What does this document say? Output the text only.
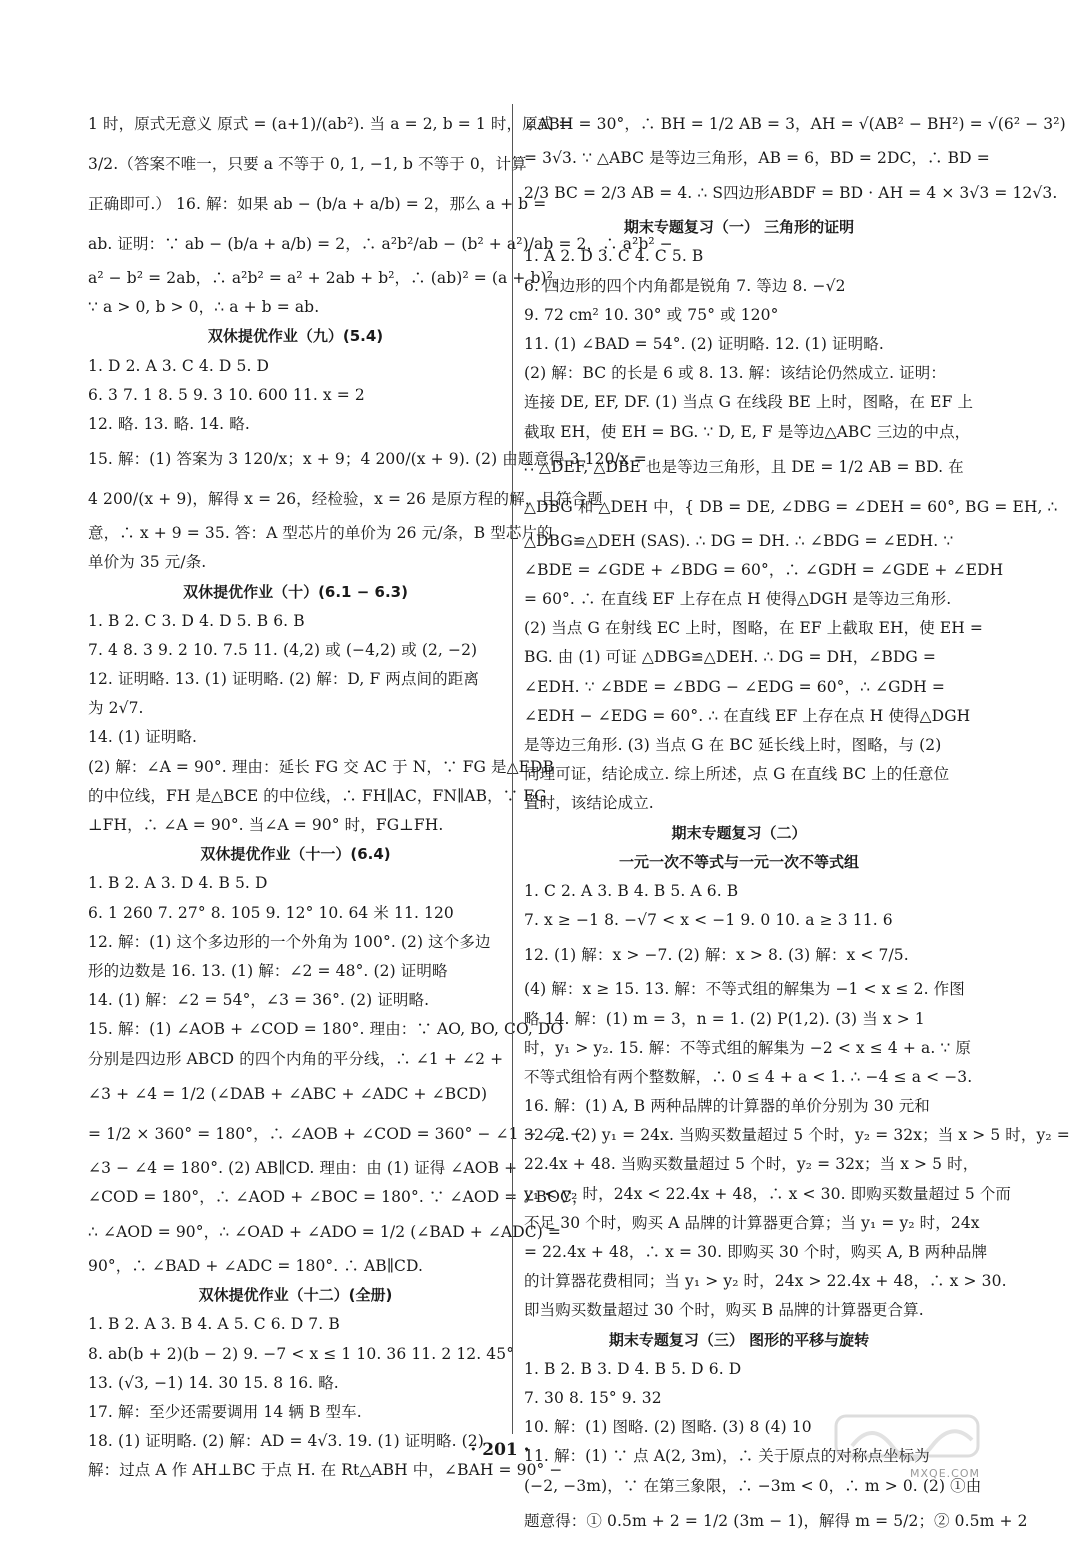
1 时，原式无意义 原式 = (a+1)/(ab²). 当 a = 2, b = 1 时，原式 =
3/2.（答案不唯一，只要 a 不等于 0, 1, −1, b 不等于 0，计算
正确即可.） 16. 解：如果 ab − (b/a + a/b) = 2，那么 a + b =
ab. 证明：∵ ab − (b/a + a/b) = 2，∴ a²b²/ab − (b² + a²)/ab = 2，∴ a²b² −
a² − b² = 2ab，∴ a²b² = a² + 2ab + b²，∴ (ab)² = (a + b)²，
∵ a > 0, b > 0，∴ a + b = ab.
双休提优作业（九）(5.4)
1. D 2. A 3. C 4. D 5. D
6. 3 7. 1 8. 5 9. 3 10. 600 11. x = 2
12. 略. 13. 略. 14. 略.
15. 解：(1) 答案为 3 120/x；x + 9；4 200/(x + 9). (2) 由题意得 3 120/x =
4 200/(x + 9)，解得 x = 26，经检验，x = 26 是原方程的解，且符合题
意，∴ x + 9 = 35. 答：A 型芯片的单价为 26 元/条，B 型芯片的
单价为 35 元/条.
双休提优作业（十）(6.1 − 6.3)
1. B 2. C 3. D 4. D 5. B 6. B
7. 4 8. 3 9. 2 10. 7.5 11. (4,2) 或 (−4,2) 或 (2, −2)
12. 证明略. 13. (1) 证明略. (2) 解：D, F 两点间的距离
为 2√7.
14. (1) 证明略.
(2) 解：∠A = 90°. 理由：延长 FG 交 AC 于 N，∵ FG 是△EDB
的中位线，FH 是△BCE 的中位线，∴ FH∥AC，FN∥AB，∵ FG
⊥FH，∴ ∠A = 90°. 当∠A = 90° 时，FG⊥FH.
双休提优作业（十一）(6.4)
1. B 2. A 3. D 4. B 5. D
6. 1 260 7. 27° 8. 105 9. 12° 10. 64 米 11. 120
12. 解：(1) 这个多边形的一个外角为 100°. (2) 这个多边
形的边数是 16. 13. (1) 解：∠2 = 48°. (2) 证明略
14. (1) 解：∠2 = 54°，∠3 = 36°. (2) 证明略.
15. 解：(1) ∠AOB + ∠COD = 180°. 理由：∵ AO, BO, CO, DO
分别是四边形 ABCD 的四个内角的平分线，∴ ∠1 + ∠2 +
∠3 + ∠4 = 1/2 (∠DAB + ∠ABC + ∠ADC + ∠BCD)
= 1/2 × 360° = 180°，∴ ∠AOB + ∠COD = 360° − ∠1 − ∠2 −
∠3 − ∠4 = 180°. (2) AB∥CD. 理由：由 (1) 证得 ∠AOB +
∠COD = 180°，∴ ∠AOD + ∠BOC = 180°. ∵ ∠AOD = ∠BOC，
∴ ∠AOD = 90°，∴ ∠OAD + ∠ADO = 1/2 (∠BAD + ∠ADC) =
90°，∴ ∠BAD + ∠ADC = 180°. ∴ AB∥CD.
双休提优作业（十二）(全册)
1. B 2. A 3. B 4. A 5. C 6. D 7. B
8. ab(b + 2)(b − 2) 9. −7 < x ≤ 1 10. 36 11. 2 12. 45°
13. (√3, −1) 14. 30 15. 8 16. 略.
17. 解：至少还需要调用 14 辆 B 型车.
18. (1) 证明略. (2) 解：AD = 4√3. 19. (1) 证明略. (2)
解：过点 A 作 AH⊥BC 于点 H. 在 Rt△ABH 中，∠BAH = 90° −
∠ABH = 30°，∴ BH = 1/2 AB = 3，AH = √(AB² − BH²) = √(6² − 3²)
= 3√3. ∵ △ABC 是等边三角形，AB = 6，BD = 2DC，∴ BD =
2/3 BC = 2/3 AB = 4. ∴ S四边形ABDF = BD · AH = 4 × 3√3 = 12√3.
期末专题复习（一） 三角形的证明
1. A 2. D 3. C 4. C 5. B
6. 四边形的四个内角都是锐角 7. 等边 8. −√2
9. 72 cm² 10. 30° 或 75° 或 120°
11. (1) ∠BAD = 54°. (2) 证明略. 12. (1) 证明略.
(2) 解：BC 的长是 6 或 8. 13. 解：该结论仍然成立. 证明：
连接 DE, EF, DF. (1) 当点 G 在线段 BE 上时，图略，在 EF 上
截取 EH，使 EH = BG. ∵ D, E, F 是等边△ABC 三边的中点，
∴ △DEF, △DBE 也是等边三角形，且 DE = 1/2 AB = BD. 在
△DBG 和 △DEH 中，{ DB = DE, ∠DBG = ∠DEH = 60°, BG = EH, ∴
△DBG≌△DEH (SAS). ∴ DG = DH. ∴ ∠BDG = ∠EDH. ∵
∠BDE = ∠GDE + ∠BDG = 60°，∴ ∠GDH = ∠GDE + ∠EDH
= 60°. ∴ 在直线 EF 上存在点 H 使得△DGH 是等边三角形.
(2) 当点 G 在射线 EC 上时，图略，在 EF 上截取 EH，使 EH =
BG. 由 (1) 可证 △DBG≌△DEH. ∴ DG = DH，∠BDG =
∠EDH. ∵ ∠BDE = ∠BDG − ∠EDG = 60°，∴ ∠GDH =
∠EDH − ∠EDG = 60°. ∴ 在直线 EF 上存在点 H 使得△DGH
是等边三角形. (3) 当点 G 在 BC 延长线上时，图略，与 (2)
同理可证，结论成立. 综上所述，点 G 在直线 BC 上的任意位
置时，该结论成立.
期末专题复习（二）
一元一次不等式与一元一次不等式组
1. C 2. A 3. B 4. B 5. A 6. B
7. x ≥ −1 8. −√7 < x < −1 9. 0 10. a ≥ 3 11. 6
12. (1) 解：x > −7. (2) 解：x > 8. (3) 解：x < 7/5.
(4) 解：x ≥ 15. 13. 解：不等式组的解集为 −1 < x ≤ 2. 作图
略 14. 解：(1) m = 3，n = 1. (2) P(1,2). (3) 当 x > 1
时，y₁ > y₂. 15. 解：不等式组的解集为 −2 < x ≤ 4 + a. ∵ 原
不等式组恰有两个整数解，∴ 0 ≤ 4 + a < 1. ∴ −4 ≤ a < −3.
16. 解：(1) A, B 两种品牌的计算器的单价分别为 30 元和
32 元. (2) y₁ = 24x. 当购买数量超过 5 个时，y₂ = 32x；当 x > 5 时，y₂ =
22.4x + 48. 当购买数量超过 5 个时，y₂ = 32x；当 x > 5 时，
y₁ < y₂ 时，24x < 22.4x + 48，∴ x < 30. 即购买数量超过 5 个而
不足 30 个时，购买 A 品牌的计算器更合算；当 y₁ = y₂ 时，24x
= 22.4x + 48，∴ x = 30. 即购买 30 个时，购买 A, B 两种品牌
的计算器花费相同；当 y₁ > y₂ 时，24x > 22.4x + 48，∴ x > 30.
即当购买数量超过 30 个时，购买 B 品牌的计算器更合算.
期末专题复习（三） 图形的平移与旋转
1. B 2. B 3. D 4. B 5. D 6. D
7. 30 8. 15° 9. 32
10. 解：(1) 图略. (2) 图略. (3) 8 (4) 10
11. 解：(1) ∵ 点 A(2, 3m)，∴ 关于原点的对称点坐标为
(−2, −3m)，∵ 在第三象限，∴ −3m < 0，∴ m > 0. (2) ①由
题意得：① 0.5m + 2 = 1/2 (3m − 1)，解得 m = 5/2；② 0.5m + 2
· 201 ·
MXQE.COM
